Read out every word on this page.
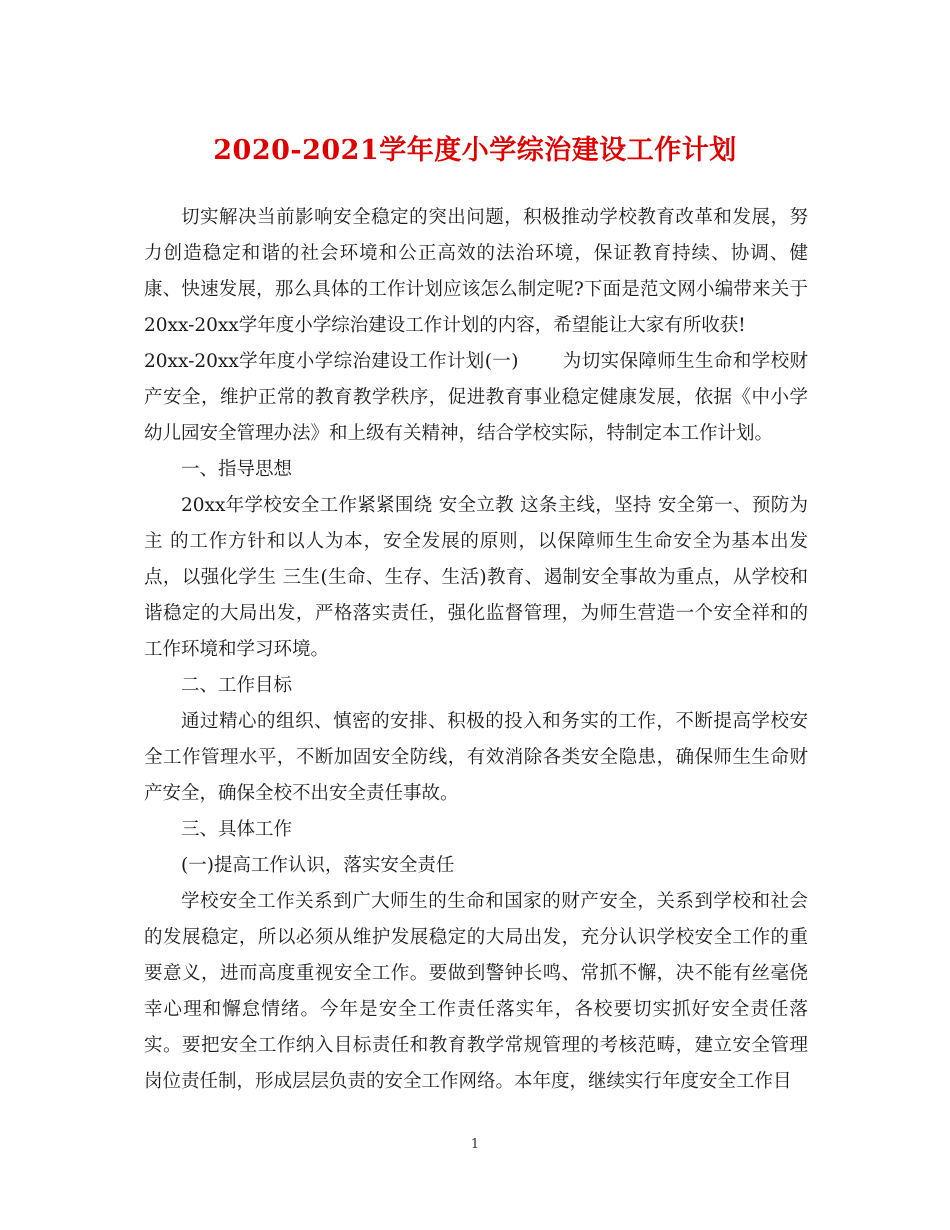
2020-2021学年度小学综治建设工作计划

切实解决当前影响安全稳定的突出问题，积极推动学校教育改革和发展，努力创造稳定和谐的社会环境和公正高效的法治环境，保证教育持续、协调、健康、快速发展，那么具体的工作计划应该怎么制定呢?下面是范文网小编带来关于20xx-20xx学年度小学综治建设工作计划的内容，希望能让大家有所收获!

20xx-20xx学年度小学综治建设工作计划(一) 为切实保障师生生命和学校财产安全，维护正常的教育教学秩序，促进教育事业稳定健康发展，依据《中小学幼儿园安全管理办法》和上级有关精神，结合学校实际，特制定本工作计划。

一、指导思想

20xx年学校安全工作紧紧围绕 安全立教 这条主线，坚持 安全第一、预防为主 的工作方针和以人为本，安全发展的原则，以保障师生生命安全为基本出发点，以强化学生 三生(生命、生存、生活)教育、遏制安全事故为重点，从学校和谐稳定的大局出发，严格落实责任，强化监督管理，为师生营造一个安全祥和的工作环境和学习环境。

二、工作目标

通过精心的组织、慎密的安排、积极的投入和务实的工作，不断提高学校安全工作管理水平，不断加固安全防线，有效消除各类安全隐患，确保师生生命财产安全，确保全校不出安全责任事故。

三、具体工作

(一)提高工作认识，落实安全责任

学校安全工作关系到广大师生的生命和国家的财产安全，关系到学校和社会的发展稳定，所以必须从维护发展稳定的大局出发，充分认识学校安全工作的重要意义，进而高度重视安全工作。要做到警钟长鸣、常抓不懈，决不能有丝毫侥幸心理和懈怠情绪。今年是安全工作责任落实年，各校要切实抓好安全责任落实。要把安全工作纳入目标责任和教育教学常规管理的考核范畴，建立安全管理岗位责任制，形成层层负责的安全工作网络。本年度，继续实行年度安全工作目

1
